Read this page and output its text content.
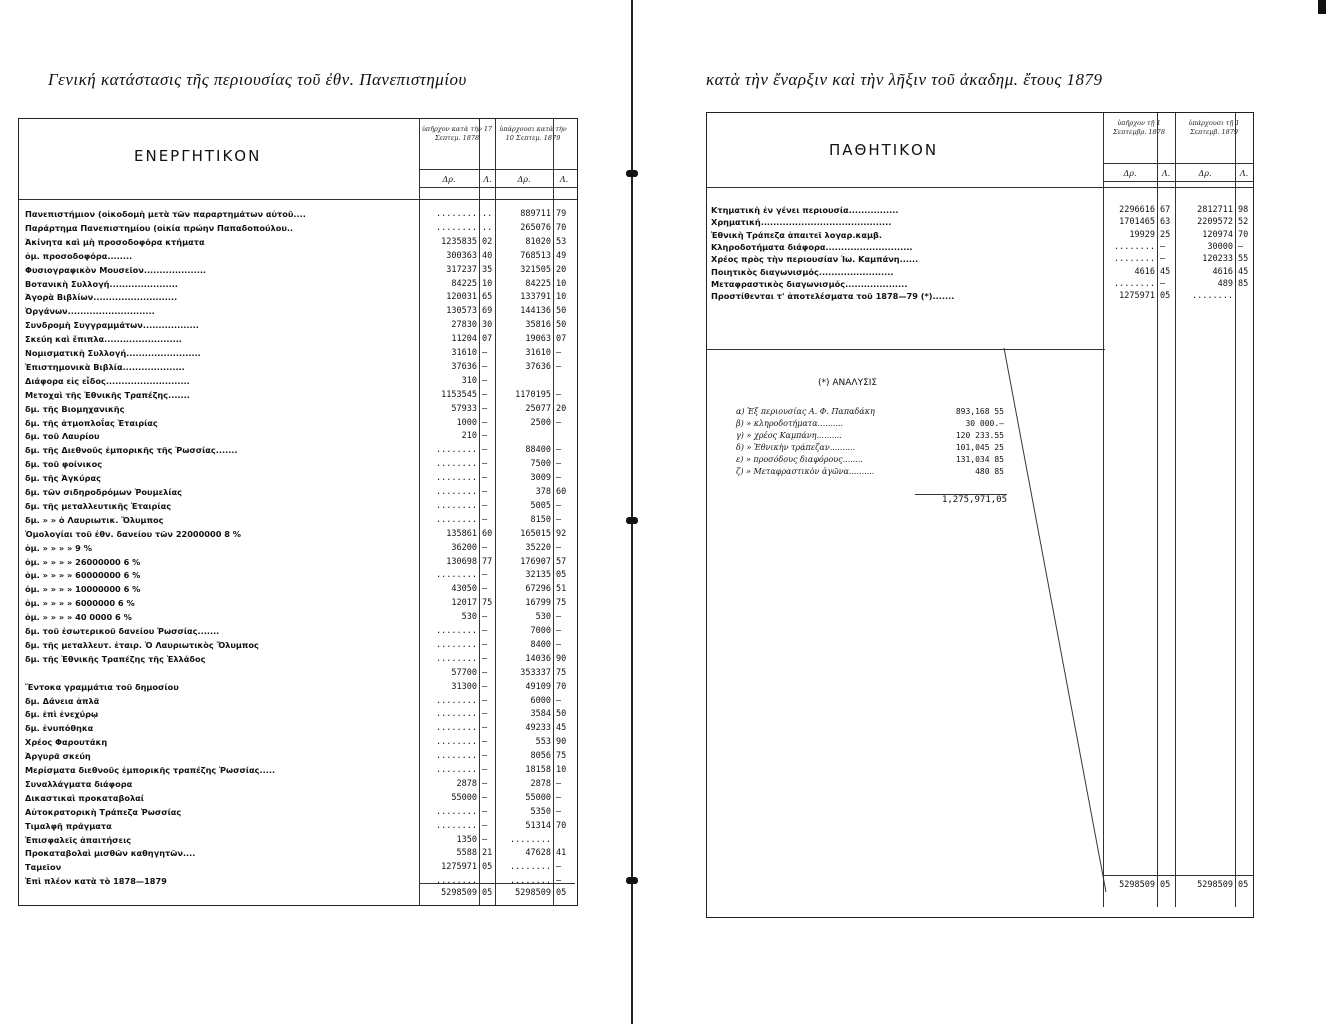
Γενική κατάστασις τῆς περιουσίας τοῦ ἐθν. Πανεπιστημίου	κατὰ τὴν ἔναρξιν καὶ τὴν λῆξιν τοῦ ἀκαδημ. ἔτους 1879
ΕΝΕΡΓΗΤΙΚΟΝ
ὑπῆρχον κατὰ τὴν 17 Σεπτεμ. 1878
ὑπάρχουσι κατὰ τὴν 10 Σεπτεμ. 1879
Δρ.	Λ.	Δρ.	Λ.
Πανεπιστήμιον (οἰκοδομὴ μετὰ τῶν παραρτημάτων αὐτοῦ....	........ ..	889711 79
Παράρτημα Πανεπιστημίου (οἰκία πρώην Παπαδοπούλου..	........ ..	265076 70
Ἀκίνητα καὶ μὴ προσοδοφόρα κτήματα	1235835 02	81020 53
ὁμ. προσοδοφόρα........	300363 40	768513 49
Φυσιογραφικὸν Μουσεῖον....................	317237 35	321505 20
Βοτανικὴ Συλλογή......................	84225 10	84225 10
Ἀγορὰ Βιβλίων...........................	120031 65	133791 10
Ὀργάνων............................	130573 69	144136 50
Συνδρομὴ Συγγραμμάτων..................	27830 30	35816 50
Σκεύη καὶ ἔπιπλα.........................	11204 07	19063 07
Νομισματικὴ Συλλογή........................	31610 —	31610 —
Ἐπιστημονικὰ Βιβλία....................	37636 —	37636 —
Διάφορα εἰς εἶδος...........................	310 —
Μετοχαὶ τῆς Ἐθνικῆς Τραπέζης.......	1153545 —	1170195 —
δμ. τῆς Βιομηχανικῆς	57933 —	25077 20
δμ. τῆς ἀτμοπλοΐας Ἑταιρίας	1000 —	2500 —
δμ. τοῦ Λαυρίου	210 —
δμ. τῆς Διεθνοῦς ἐμπορικῆς τῆς Ῥωσσίας.......	........ —	88400 —
δμ. τοῦ φοίνικος	........ —	7500 —
δμ. τῆς Ἀγκύρας	........ —	3009 —
δμ. τῶν σιδηροδρόμων Ῥουμελίας	........ —	378 60
δμ. τῆς μεταλλευτικῆς Ἑταιρίας	........ —	5005 —
δμ. » » ὁ Λαυριωτικ. Ὄλυμπος	........ —	8150 —
Ὁμολογίαι τοῦ ἐθν. δανείου τῶν 22000000 8 %	135861 60	165015 92
ὁμ. » » » » 9 %	36200 —	35220 —
ὁμ. » » » » 26000000 6 %	130698 77	176907 57
ὁμ. » » » » 60000000 6 %	........ —	32135 05
ὁμ. » » » » 10000000 6 %	43050 —	67296 51
ὁμ. » » » » 6000000 6 %	12017 75	16799 75
ὁμ. » » » » 40 0000 6 %	530 —	530 —
δμ. τοῦ ἐσωτερικοῦ δανείου Ῥωσσίας.......	........ —	7000 —
δμ. τῆς μεταλλευτ. ἑταιρ. Ὁ Λαυριωτικὸς Ὄλυμπος	........ —	8400 —
δμ. τῆς Ἐθνικῆς Τραπέζης τῆς Ἑλλάδος	........ —	14036 90
57700 —	353337 75
Ἔντοκα γραμμάτια τοῦ δημοσίου	31300 —	49109 70
δμ. Δάνεια ἁπλᾶ	........ —	6000 —
δμ. ἐπὶ ἐνεχύρῳ	........ —	3584 50
δμ. ἐνυπόθηκα	........ —	49233 45
Χρέος Φαρουτάκη	........ —	553 90
Ἀργυρᾶ σκεύη	........ —	8056 75
Μερίσματα διεθνοῦς ἐμπορικῆς τραπέζης Ῥωσσίας.....	........ —	18158 10
Συναλλάγματα διάφορα	2878 —	2878 —
Δικαστικαὶ προκαταβολαί	55000 —	55000 —
Αὐτοκρατορικὴ Τράπεζα Ῥωσσίας	........ —	5350 —
Τιμαλφῆ πράγματα	........ —	51314 70
Ἐπισφαλεῖς ἀπαιτήσεις	1350 —	........
Προκαταβολαὶ μισθῶν καθηγητῶν....	5588 21	47628 41
Ταμεῖον	1275971 05	........ —
Ἐπὶ πλέον κατὰ τὸ 1878—1879	........	........ —
5298509 05	5298509 05
ΠΑΘΗΤΙΚΟΝ
ὑπῆρχον τῇ 1 Σεπτεμβρ. 1878
ὑπάρχουσι τῇ 1 Σεπτεμβ. 1879
Δρ.	Λ.	Δρ.	Λ.
Κτηματικὴ ἐν γένει περιουσία................	2296616 67	2812711 98
Χρηματική..........................................	1701465 63	2209572 52
Ἐθνικὴ Τράπεζα ἀπαιτεῖ λογαρ.καμβ.	19929 25	120974 70
Κληροδοτήματα διάφορα............................	........ —	30000 —
Χρέος πρὸς τὴν περιουσίαν Ἰω. Καμπάνη......	........ —	120233 55
Ποιητικὸς διαγωνισμός........................	4616 45	4616 45
Μεταφραστικὸς διαγωνισμός....................	........ —	489 85
Προστίθενται τ' ἀποτελέσματα τοῦ 1878—79 (*).......	1275971 05	........
5298509 05	5298509 05
(*) ΑΝΑΛΥΣΙΣ
α) Ἐξ περιουσίας Α. Φ. Παπαδάκη	893,168 55
β) » κληροδοτήματα..........	30 000.—
γ) » χρέος Καμπάνη..........	120 233.55
δ) » Ἐθνικὴν τράπεζαν..........	101,045 25
ε) » προσόδους διαφόρους........	131,034 85
ζ) » Μεταφραστικὸν ἀγῶνα..........	480 85
1,275,971,05
